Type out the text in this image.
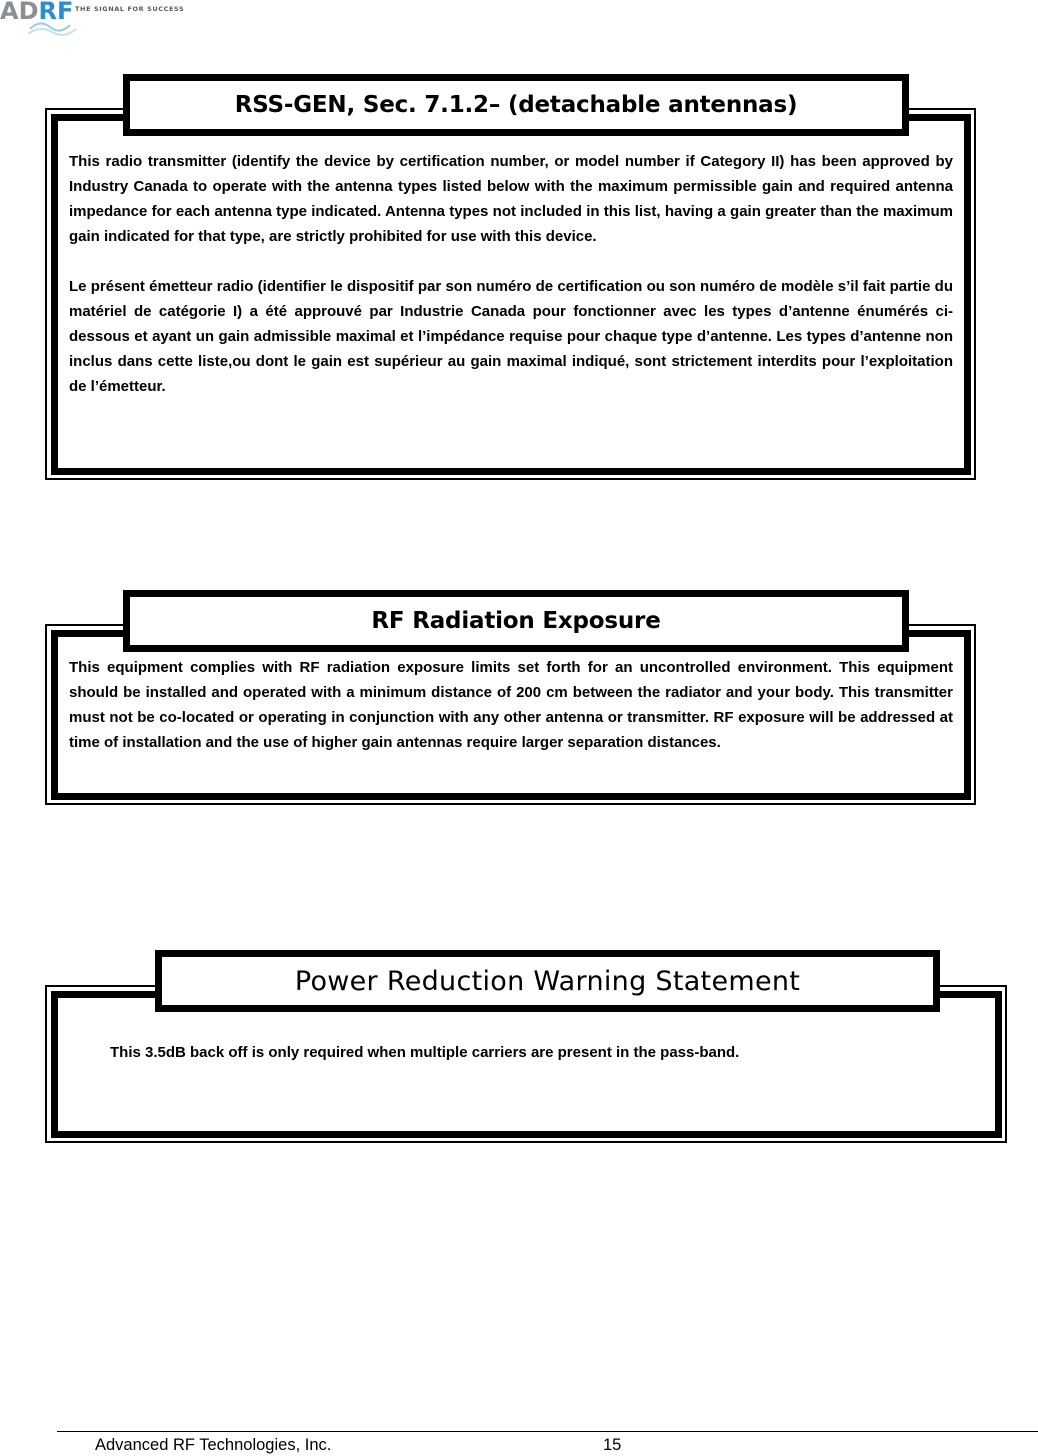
ADRF THE SIGNAL FOR SUCCESS
RSS-GEN, Sec. 7.1.2– (detachable antennas)

This radio transmitter (identify the device by certification number, or model number if Category II) has been approved by Industry Canada to operate with the antenna types listed below with the maximum permissible gain and required antenna impedance for each antenna type indicated. Antenna types not included in this list, having a gain greater than the maximum gain indicated for that type, are strictly prohibited for use with this device.

Le présent émetteur radio (identifier le dispositif par son numéro de certification ou son numéro de modèle s’il fait partie du matériel de catégorie I) a été approuvé par Industrie Canada pour fonctionner avec les types d’antenne énumérés ci-dessous et ayant un gain admissible maximal et l’impédance requise pour chaque type d’antenne. Les types d’antenne non inclus dans cette liste,ou dont le gain est supérieur au gain maximal indiqué, sont strictement interdits pour l’exploitation de l’émetteur.

RF Radiation Exposure

This equipment complies with RF radiation exposure limits set forth for an uncontrolled environment. This equipment should be installed and operated with a minimum distance of 200 cm between the radiator and your body. This transmitter must not be co-located or operating in conjunction with any other antenna or transmitter. RF exposure will be addressed at time of installation and the use of higher gain antennas require larger separation distances.

Power Reduction Warning Statement

This 3.5dB back off is only required when multiple carriers are present in the pass-band.

Advanced RF Technologies, Inc.	15
